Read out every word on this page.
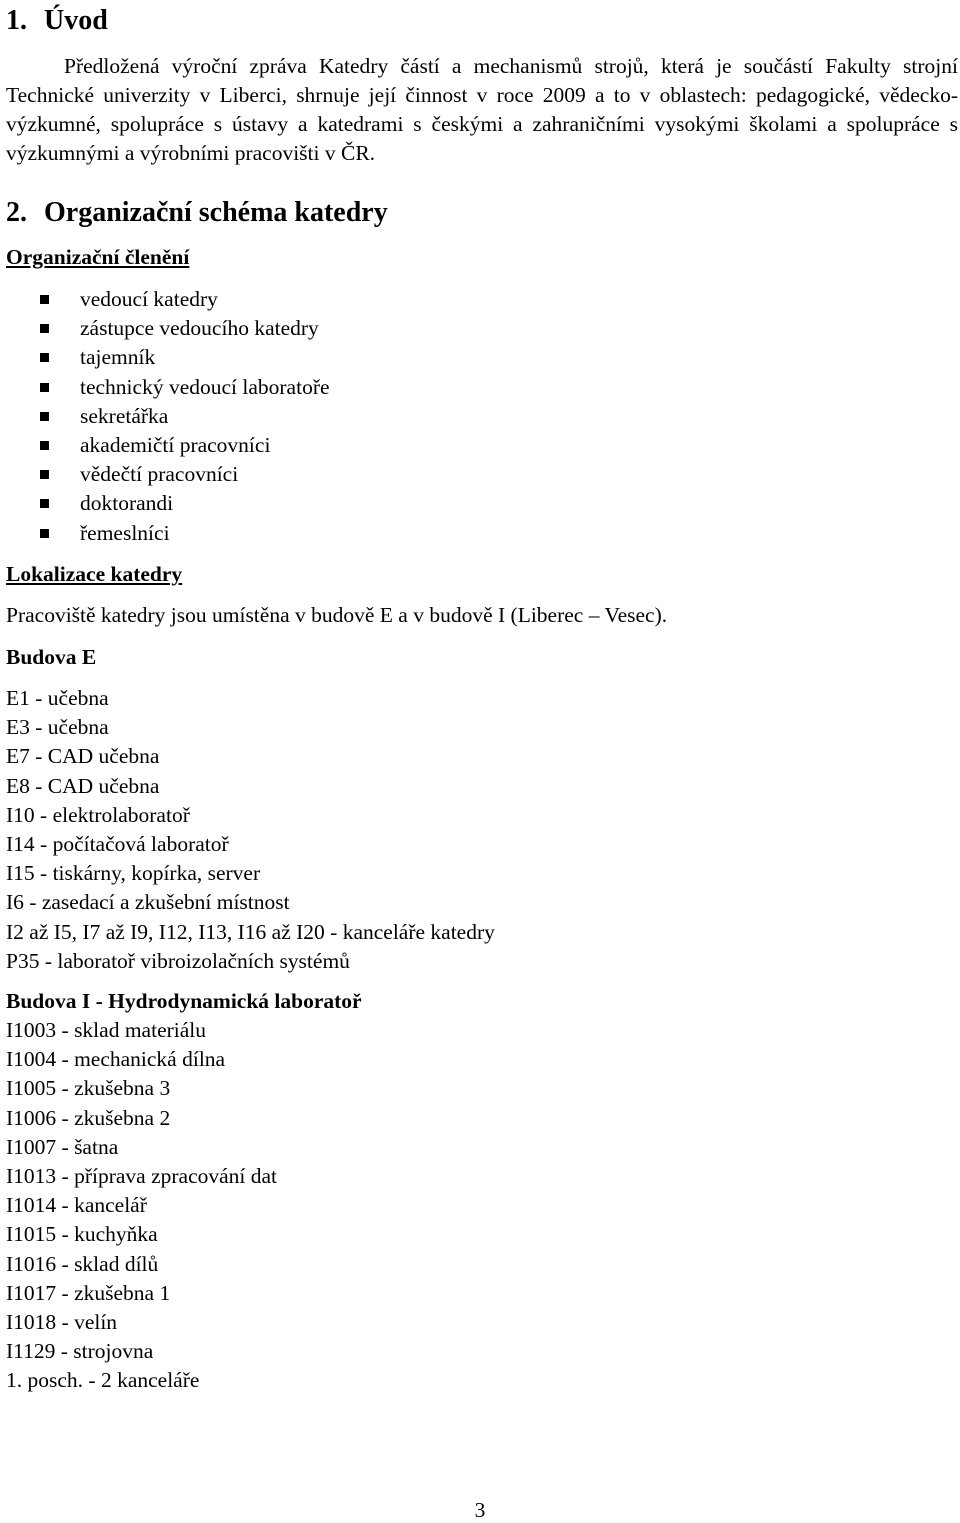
1. Úvod

Předložená výroční zpráva Katedry částí a mechanismů strojů, která je součástí Fakulty strojní Technické univerzity v Liberci, shrnuje její činnost v roce 2009 a to v oblastech: pedagogické, vědecko-výzkumné, spolupráce s ústavy a katedrami s českými a zahraničními vysokými školami a spolupráce s výzkumnými a výrobními pracovišti v ČR.

2. Organizační schéma katedry

Organizační členění

vedoucí katedry
zástupce vedoucího katedry
tajemník
technický vedoucí laboratoře
sekretářka
akademičtí pracovníci
vědečtí pracovníci
doktorandi
řemeslníci

Lokalizace katedry

Pracoviště katedry jsou umístěna v budově E a v budově I (Liberec – Vesec).

Budova E

E1 - učebna
E3 - učebna
E7 - CAD učebna
E8 - CAD učebna
I10 - elektrolaboratoř
I14 - počítačová laboratoř
I15 - tiskárny, kopírka, server
I6 - zasedací a zkušební místnost
I2 až I5, I7 až I9, I12, I13, I16 až I20 - kanceláře katedry
P35 - laboratoř vibroizolačních systémů

Budova I - Hydrodynamická laboratoř

I1003 - sklad materiálu
I1004 - mechanická dílna
I1005 - zkušebna 3
I1006 - zkušebna 2
I1007 - šatna
I1013 - příprava zpracování dat
I1014 - kancelář
I1015 - kuchyňka
I1016 - sklad dílů
I1017 - zkušebna 1
I1018 - velín
I1129 - strojovna
1. posch. - 2 kanceláře

3
